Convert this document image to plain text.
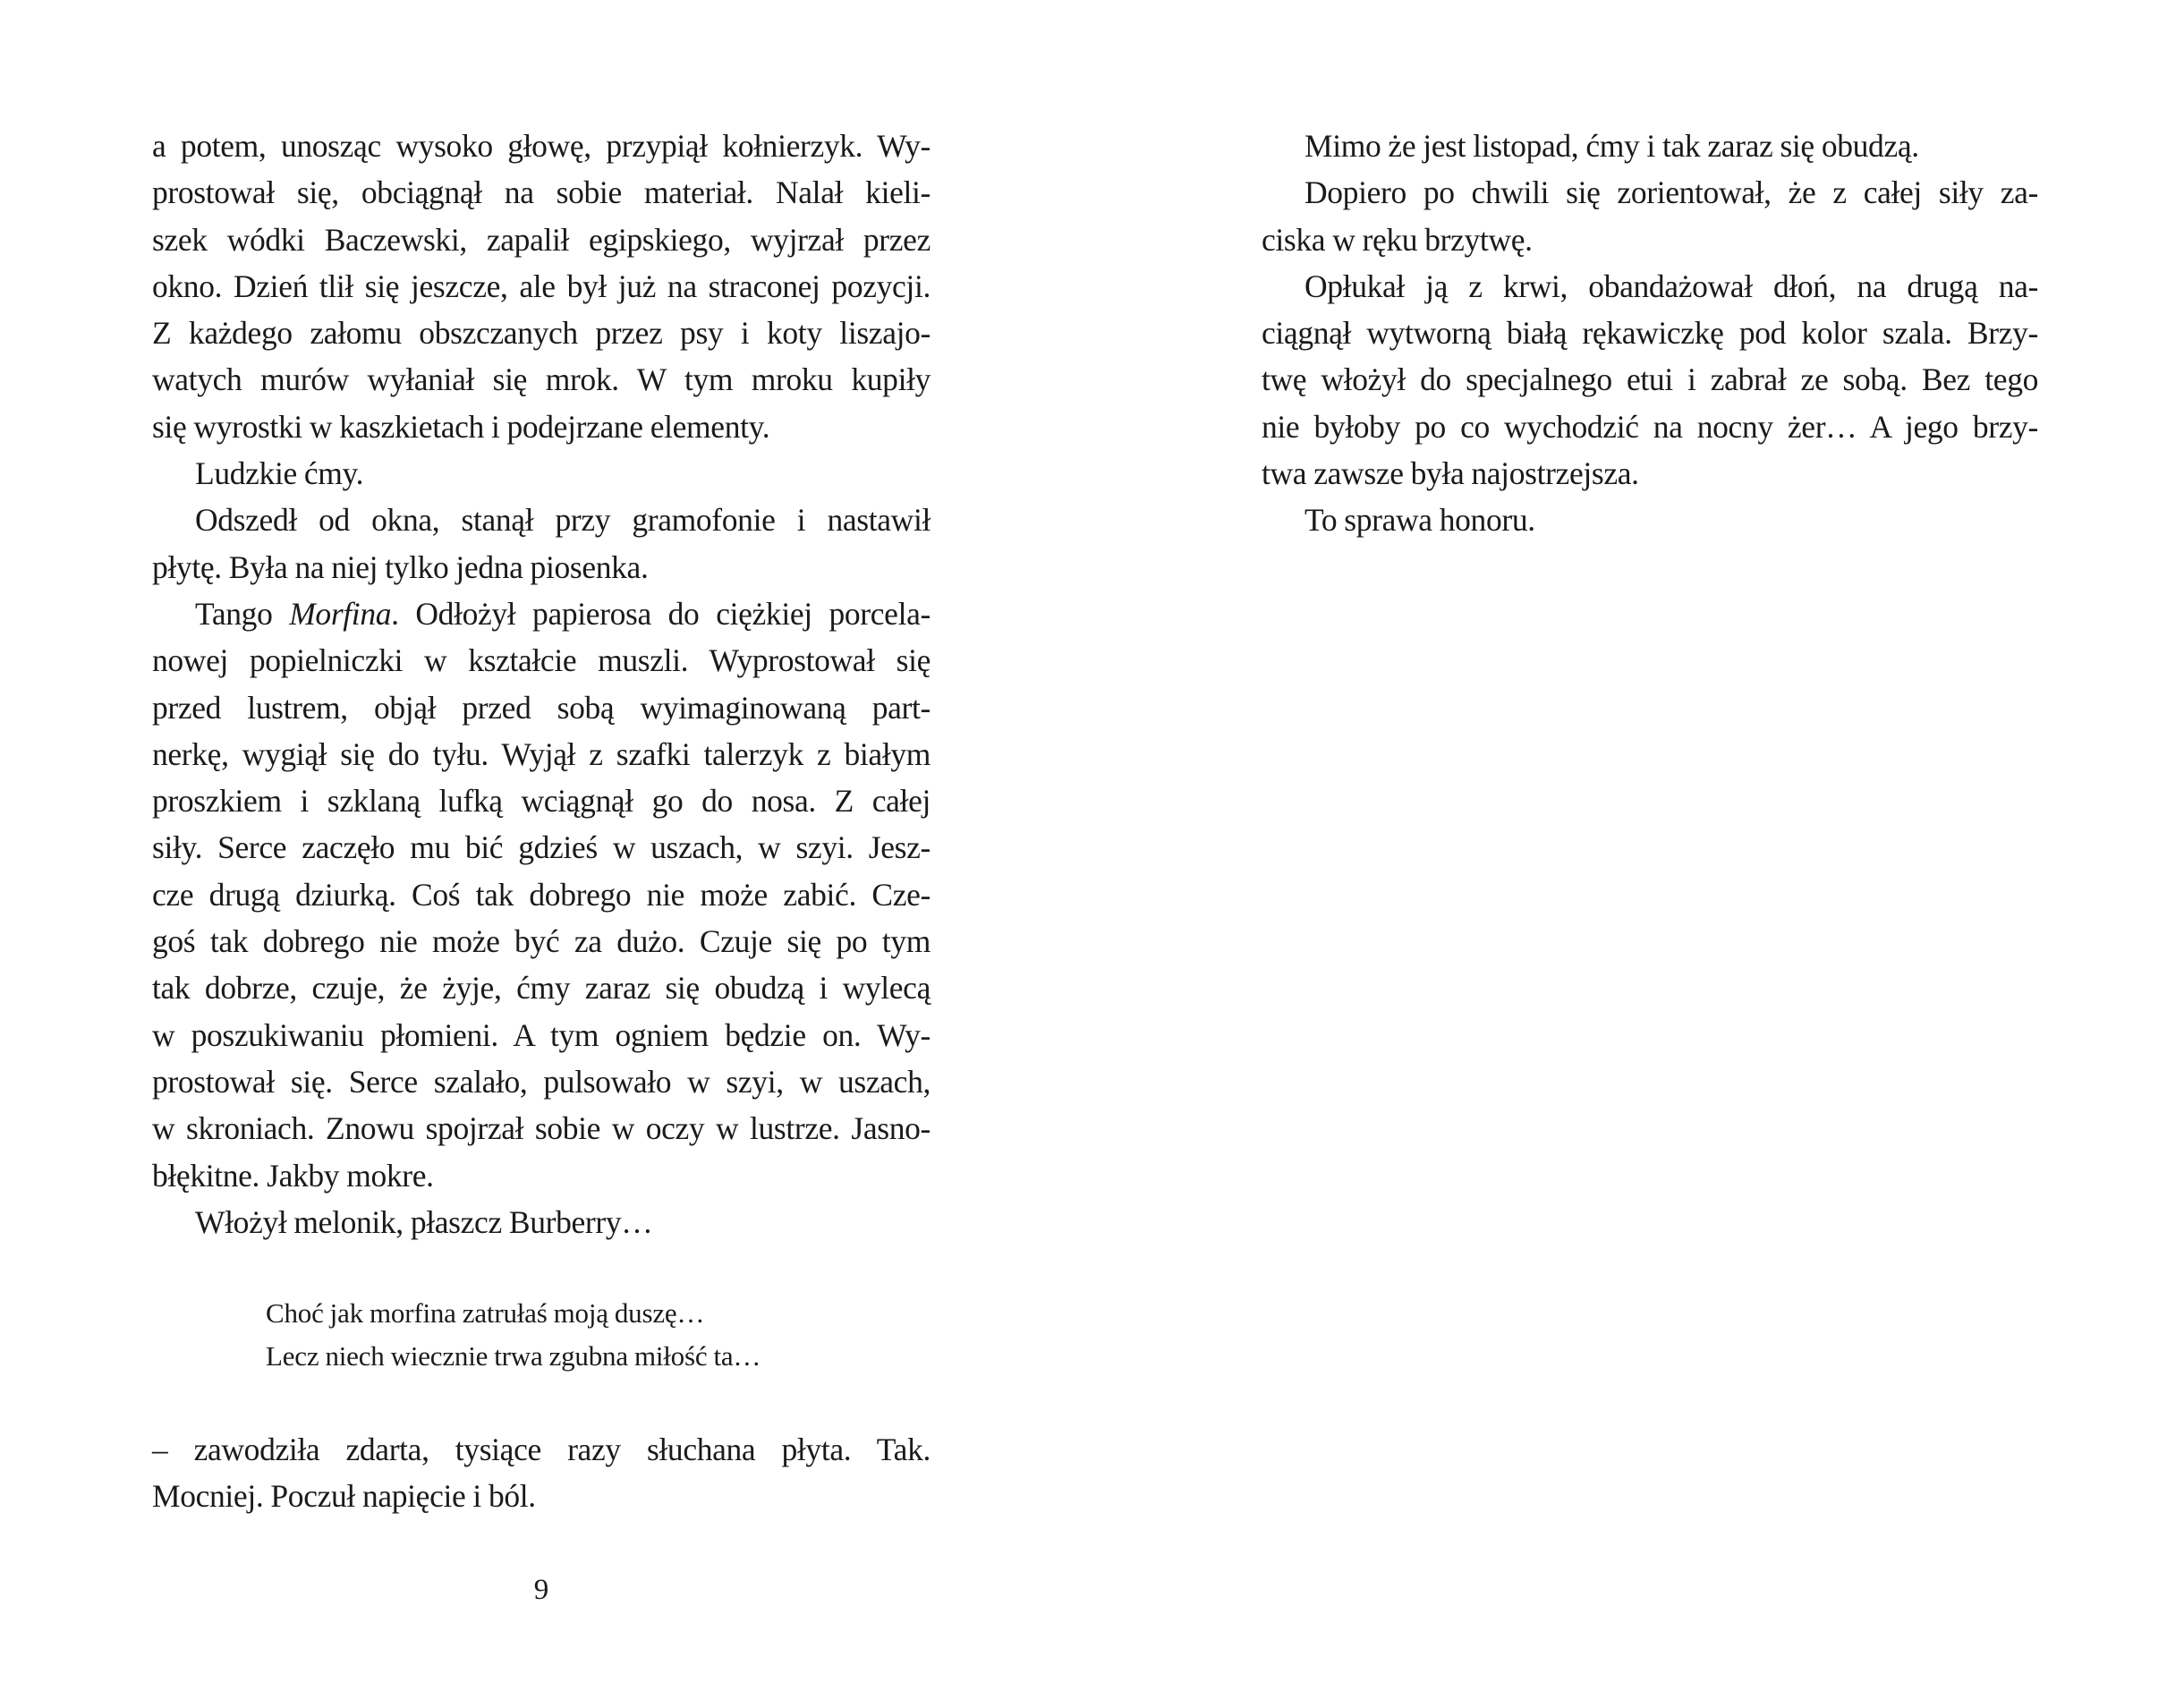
a potem, unosząc wysoko głowę, przypiął kołnierzyk. Wy-
prostował się, obciągnął na sobie materiał. Nalał kieli-
szek wódki Baczewski, zapalił egipskiego, wyjrzał przez
okno. Dzień tlił się jeszcze, ale był już na straconej pozycji.
Z każdego załomu obszczanych przez psy i koty liszajo-
watych murów wyłaniał się mrok. W tym mroku kupiły
się wyrostki w kaszkietach i podejrzane elementy.
Ludzkie ćmy.
Odszedł od okna, stanął przy gramofonie i nastawił
płytę. Była na niej tylko jedna piosenka.
Tango Morfina. Odłożył papierosa do ciężkiej porcela-
nowej popielniczki w kształcie muszli. Wyprostował się
przed lustrem, objął przed sobą wyimaginowaną part-
nerkę, wygiął się do tyłu. Wyjął z szafki talerzyk z białym
proszkiem i szklaną lufką wciągnął go do nosa. Z całej
siły. Serce zaczęło mu bić gdzieś w uszach, w szyi. Jesz-
cze drugą dziurką. Coś tak dobrego nie może zabić. Cze-
goś tak dobrego nie może być za dużo. Czuje się po tym
tak dobrze, czuje, że żyje, ćmy zaraz się obudzą i wylecą
w poszukiwaniu płomieni. A tym ogniem będzie on. Wy-
prostował się. Serce szalało, pulsowało w szyi, w uszach,
w skroniach. Znowu spojrzał sobie w oczy w lustrze. Jasno-
błękitne. Jakby mokre.
Włożył melonik, płaszcz Burberry…
Choć jak morfina zatrułaś moją duszę…
Lecz niech wiecznie trwa zgubna miłość ta…
– zawodziła zdarta, tysiące razy słuchana płyta. Tak.
Mocniej. Poczuł napięcie i ból.
9
Mimo że jest listopad, ćmy i tak zaraz się obudzą.
Dopiero po chwili się zorientował, że z całej siły za-
ciska w ręku brzytwę.
Opłukał ją z krwi, obandażował dłoń, na drugą na-
ciągnął wytworną białą rękawiczkę pod kolor szala. Brzy-
twę włożył do specjalnego etui i zabrał ze sobą. Bez tego
nie byłoby po co wychodzić na nocny żer… A jego brzy-
twa zawsze była najostrzejsza.
To sprawa honoru.
